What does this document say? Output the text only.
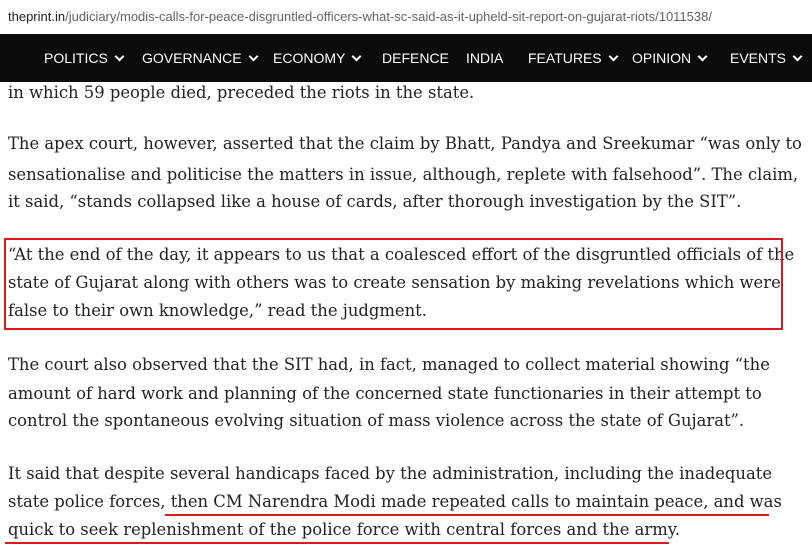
theprint.in/judiciary/modis-calls-for-peace-disgruntled-officers-what-sc-said-as-it-upheld-sit-report-on-gujarat-riots/1011538/
POLITICS GOVERNANCE ECONOMY	DEFENCE INDIA FEATURES OPINION	EVENTS
in which 59 people died, preceded the riots in the state.
The apex court, however, asserted that the claim by Bhatt, Pandya and Sreekumar “was only to
sensationalise and politicise the matters in issue, although, replete with falsehood”. The claim,
it said, “stands collapsed like a house of cards, after thorough investigation by the SIT”.
“At the end of the day, it appears to us that a coalesced effort of the disgruntled officials of the
state of Gujarat along with others was to create sensation by making revelations which were
false to their own knowledge,” read the judgment.
The court also observed that the SIT had, in fact, managed to collect material showing “the
amount of hard work and planning of the concerned state functionaries in their attempt to
control the spontaneous evolving situation of mass violence across the state of Gujarat”.
It said that despite several handicaps faced by the administration, including the inadequate
state police forces, then CM Narendra Modi made repeated calls to maintain peace, and was
quick to seek replenishment of the police force with central forces and the army.
